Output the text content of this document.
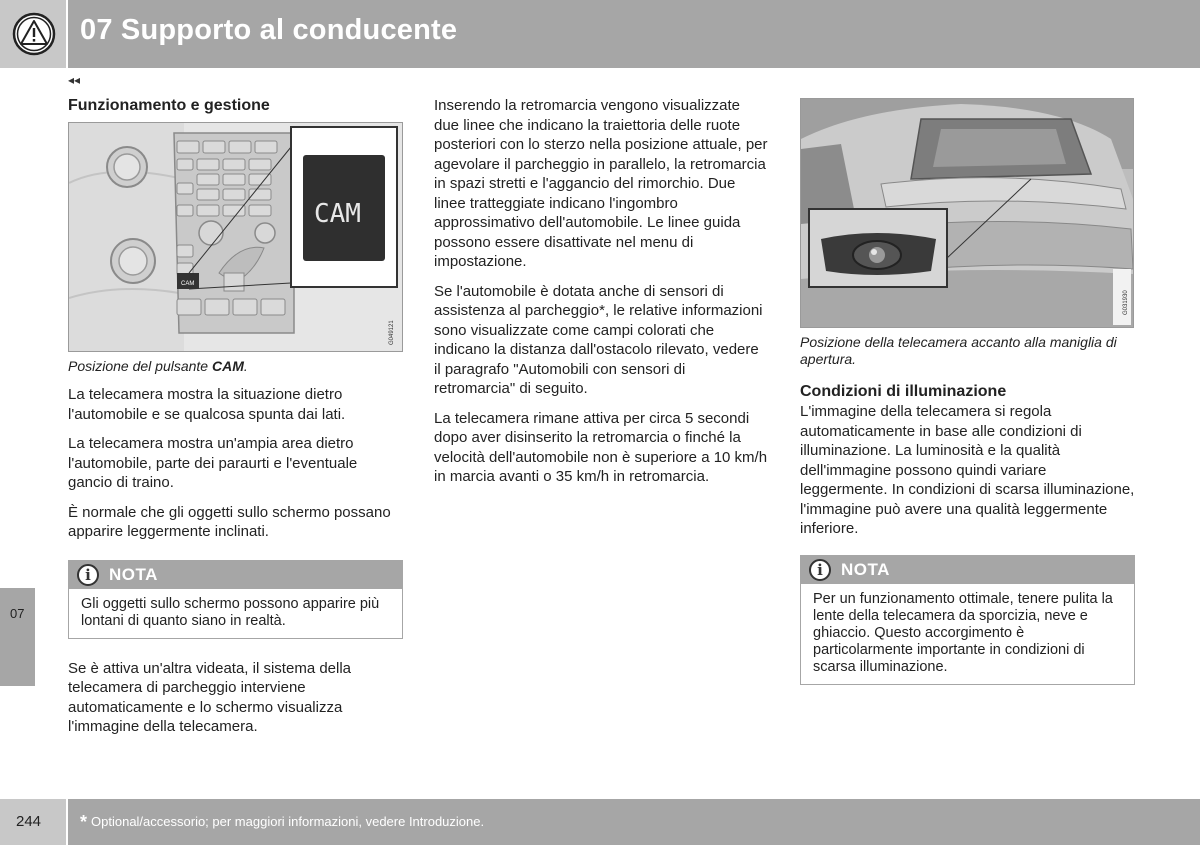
07 Supporto al conducente
◂◂
07
Funzionamento e gestione
CAM
CAM
G049121
Posizione del pulsante CAM.

La telecamera mostra la situazione dietro l'automobile e se qualcosa spunta dai lati.

La telecamera mostra un'ampia area dietro l'automobile, parte dei paraurti e l'eventuale gancio di traino.

È normale che gli oggetti sullo schermo possano apparire leggermente inclinati.

i
NOTA
Gli oggetti sullo schermo possono apparire più lontani di quanto siano in realtà.

Se è attiva un'altra videata, il sistema della telecamera di parcheggio interviene automaticamente e lo schermo visualizza l'immagine della telecamera.

Inserendo la retromarcia vengono visualizzate due linee che indicano la traiettoria delle ruote posteriori con lo sterzo nella posizione attuale, per agevolare il parcheggio in parallelo, la retromarcia in spazi stretti e l'aggancio del rimorchio. Due linee tratteggiate indicano l'ingombro approssimativo dell'automobile. Le linee guida possono essere disattivate nel menu di impostazione.

Se l'automobile è dotata anche di sensori di assistenza al parcheggio*, le relative informazioni sono visualizzate come campi colorati che indicano la distanza dall'ostacolo rilevato, vedere il paragrafo "Automobili con sensori di retromarcia" di seguito.

La telecamera rimane attiva per circa 5 secondi dopo aver disinserito la retromarcia o finché la velocità dell'automobile non è superiore a 10 km/h in marcia avanti o 35 km/h in retromarcia.

G031930
Posizione della telecamera accanto alla maniglia di apertura.
Condizioni di illuminazione

L'immagine della telecamera si regola automaticamente in base alle condizioni di illuminazione. La luminosità e la qualità dell'immagine possono quindi variare leggermente. In condizioni di scarsa illuminazione, l'immagine può avere una qualità leggermente inferiore.

i
NOTA
Per un funzionamento ottimale, tenere pulita la lente della telecamera da sporcizia, neve e ghiaccio. Questo accorgimento è particolarmente importante in condizioni di scarsa illuminazione.
244 * Optional/accessorio; per maggiori informazioni, vedere Introduzione.
